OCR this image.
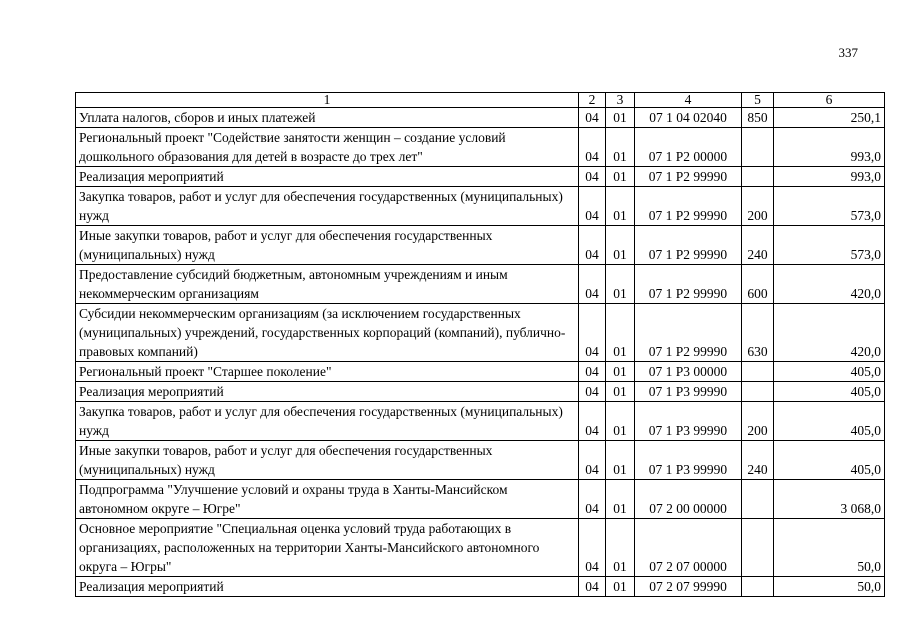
337
1	2	3	4	5	6
Уплата налогов, сборов и иных платежей	04	01	07 1 04 02040	850	250,1
Региональный проект "Содействие занятости женщин – создание условий дошкольного образования для детей в возрасте до трех лет"	04	01	07 1 P2 00000		993,0
Реализация мероприятий	04	01	07 1 P2 99990		993,0
Закупка товаров, работ и услуг для обеспечения государственных (муниципальных) нужд	04	01	07 1 P2 99990	200	573,0
Иные закупки товаров, работ и услуг для обеспечения государственных (муниципальных) нужд	04	01	07 1 P2 99990	240	573,0
Предоставление субсидий бюджетным, автономным учреждениям и иным некоммерческим организациям	04	01	07 1 P2 99990	600	420,0
Субсидии некоммерческим организациям (за исключением государственных (муниципальных) учреждений, государственных корпораций (компаний), публично-правовых компаний)	04	01	07 1 P2 99990	630	420,0
Региональный проект "Старшее поколение"	04	01	07 1 P3 00000		405,0
Реализация мероприятий	04	01	07 1 P3 99990		405,0
Закупка товаров, работ и услуг для обеспечения государственных (муниципальных) нужд	04	01	07 1 P3 99990	200	405,0
Иные закупки товаров, работ и услуг для обеспечения государственных (муниципальных) нужд	04	01	07 1 P3 99990	240	405,0
Подпрограмма "Улучшение условий и охраны труда в Ханты-Мансийском автономном округе – Югре"	04	01	07 2 00 00000		3 068,0
Основное мероприятие "Специальная оценка условий труда работающих в организациях, расположенных на территории Ханты-Мансийского автономного округа – Югры"	04	01	07 2 07 00000		50,0
Реализация мероприятий	04	01	07 2 07 99990		50,0
